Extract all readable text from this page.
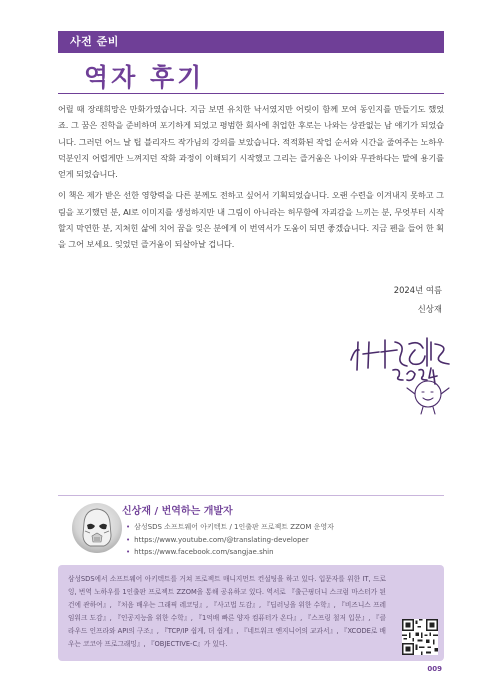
사전 준비
역자 후기

어릴 때 장래희망은 만화가였습니다. 지금 보면 유치한 낙서였지만 어릿이 함께 모여 동인지를 만들기도 했었죠. 그 꿈은 진학을 준비하며 포기하게 되었고 평범한 회사에 취업한 후로는 나와는 상관없는 남 얘기가 되었습니다. 그러던 어느 날 팁 블리자드 작가님의 강의를 보았습니다. 적적화된 작업 순서와 시간을 줄여주는 노하우 덕분인지 어렵게만 느껴지던 작화 과정이 이해되기 시작했고 그리는 즐거움은 나이와 무관하다는 말에 용기를 얻게 되었습니다.

이 책은 제가 받은 선한 영향력을 다른 분께도 전하고 싶어서 기획되었습니다. 오랜 수련을 이겨내지 못하고 그림을 포기했던 분, AI로 이미지를 생성하지만 내 그림이 아니라는 허무함에 자괴감을 느끼는 분, 무엇부터 시작할지 막연한 분, 지쳐힌 삶에 치어 꿈을 잊은 분에게 이 번역서가 도움이 되면 좋겠습니다. 지금 펜을 들어 한 획을 그어 보세요. 잊었던 즐거움이 되살아날 겁니다.

2024년 여름
신상재
신상재 / 번역하는 개발자
• 삼성SDS 소프트웨어 아키텍트 / 1인출판 프로젝트 ZZOM 운영자
• https://www.youtube.com/@translating-developer
• https://www.facebook.com/sangjae.shin

삼성SDS에서 소프트웨어 아키텍트를 거쳐 프로젝트 매니지먼트 컨설팅을 하고 있다. 입문자를 위한 IT, 드로잉, 번역 노하우를 1인출판 프로젝트 ZZOM을 통해 공유하고 있다. 역서로 『출근핑더니 스크럼 마스터가 된 건에 관하여』, 『처음 배우는 그래픽 레코딩』, 『사고법 도감』, 『딥러닝을 위한 수학』, 『비즈니스 프레임워크 도감』, 『인공지능을 위한 수학』, 『1억배 빠른 양자 컴퓨터가 온다』, 『스프링 철저 입문』, 『클라우드 인프라와 API의 구조』, 『TCP/IP 쉽게, 더 쉽게』, 『네트워크 엔지니어의 교과서』, 『XCODE로 배우는 코코아 프로그래밍』, 『OBJECTIVE-C』가 있다.

009
